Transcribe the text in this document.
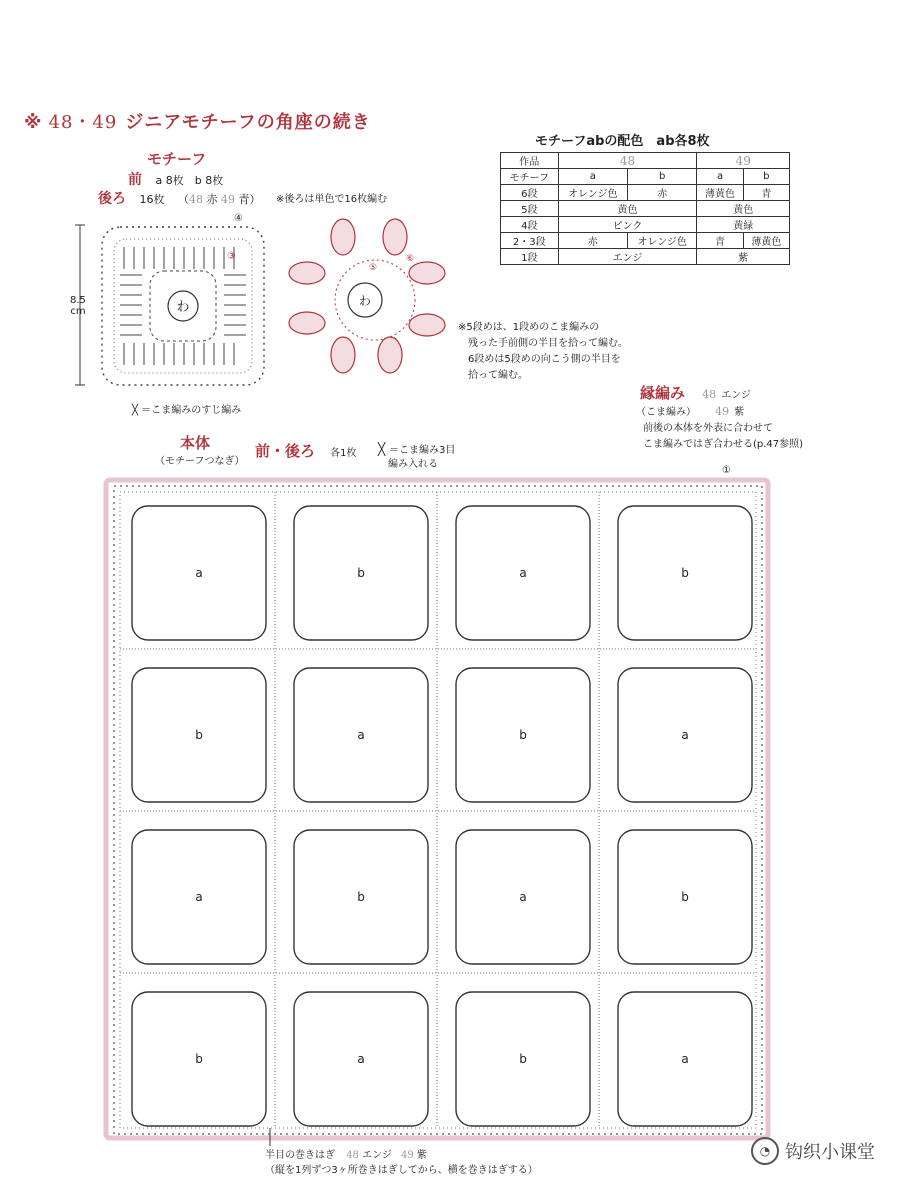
※ 48・49 ジニアモチーフの角座の続き
モチーフ
前 a 8枚　b 8枚
後ろ 16枚 （48 赤 49 青） ※後ろは単色で16枚編む
わ
④
③
8.5
cm
╳ ＝こま編みのすじ編み
わ
⑤
⑥
※5段めは、1段めのこま編みの
　残った手前側の半目を拾って編む。
　6段めは5段めの向こう側の半目を
　拾って編む。
モチーフabの配色　ab各8枚
作品	48		49	
モチーフ	a	b	a	b
6段	オレンジ色	赤	薄黄色	青
5段	黄色		黄色	
4段	ピンク		黄緑	
2・3段	赤	オレンジ色	青	薄黄色
1段	エンジ		紫	
縁編み 48 エンジ
（こま編み） 49 紫
前後の本体を外表に合わせて
こま編みではぎ合わせる(p.47参照)
本体
（モチーフつなぎ）
前・後ろ 各1枚 ╳ ＝こま編み3目
　編み入れる

a	b	a	b
b	a	b	a
a	b	a	b
b	a	b	a
①
半目の巻きはぎ 48 エンジ 49 紫
（縦を1列ずつ3ヶ所巻きはぎしてから、横を巻きはぎする）
◔ 钩织小课堂
